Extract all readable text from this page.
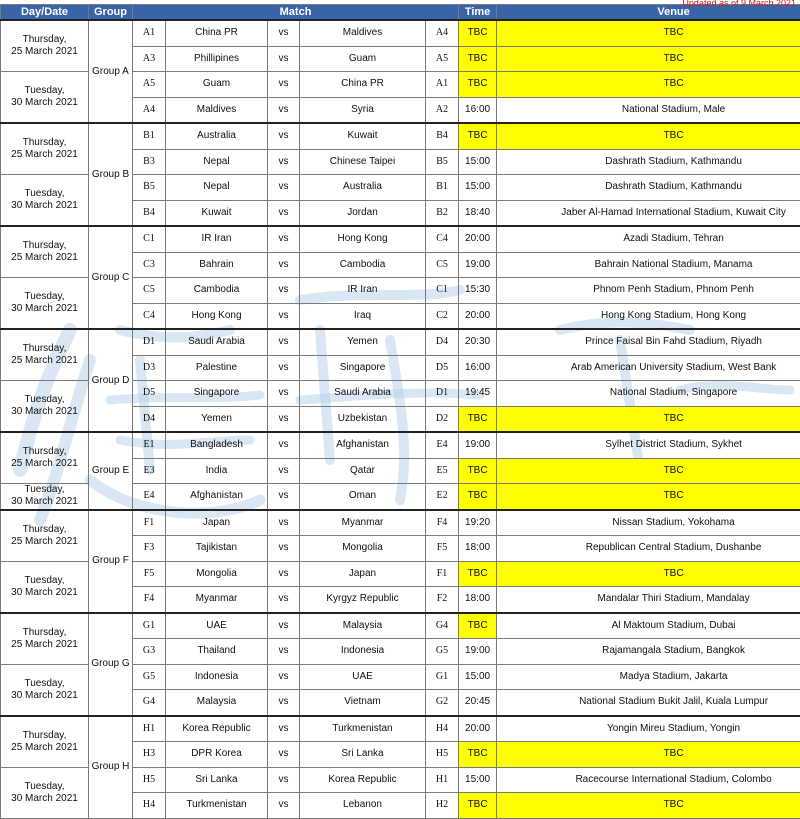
Updated as of 9 March 2021
Day/Date	Group	Match					Time	Venue
Thursday,
25 March 2021	Group A	A1	China PR	vs	Maldives	A4	TBC	TBC
		A3	Phillipines	vs	Guam	A5	TBC	TBC
Tuesday,
30 March 2021		A5	Guam	vs	China PR	A1	TBC	TBC
		A4	Maldives	vs	Syria	A2	16:00	National Stadium, Male
Thursday,
25 March 2021	Group B	B1	Australia	vs	Kuwait	B4	TBC	TBC
		B3	Nepal	vs	Chinese Taipei	B5	15:00	Dashrath Stadium, Kathmandu
Tuesday,
30 March 2021		B5	Nepal	vs	Australia	B1	15:00	Dashrath Stadium, Kathmandu
		B4	Kuwait	vs	Jordan	B2	18:40	Jaber Al-Hamad International Stadium, Kuwait City
Thursday,
25 March 2021	Group C	C1	IR Iran	vs	Hong Kong	C4	20:00	Azadi Stadium, Tehran
		C3	Bahrain	vs	Cambodia	C5	19:00	Bahrain National Stadium, Manama
Tuesday,
30 March 2021		C5	Cambodia	vs	IR Iran	C1	15:30	Phnom Penh Stadium, Phnom Penh
		C4	Hong Kong	vs	Iraq	C2	20:00	Hong Kong Stadium, Hong Kong
Thursday,
25 March 2021	Group D	D1	Saudi Arabia	vs	Yemen	D4	20:30	Prince Faisal Bin Fahd Stadium, Riyadh
		D3	Palestine	vs	Singapore	D5	16:00	Arab American University Stadium, West Bank
Tuesday,
30 March 2021		D5	Singapore	vs	Saudi Arabia	D1	19:45	National Stadium, Singapore
		D4	Yemen	vs	Uzbekistan	D2	TBC	TBC
Thursday,
25 March 2021	Group E	E1	Bangladesh	vs	Afghanistan	E4	19:00	Sylhet District Stadium, Sykhet
		E3	India	vs	Qatar	E5	TBC	TBC
Tuesday,
30 March 2021		E4	Afghanistan	vs	Oman	E2	TBC	TBC
Thursday,
25 March 2021	Group F	F1	Japan	vs	Myanmar	F4	19:20	Nissan Stadium, Yokohama
		F3	Tajikistan	vs	Mongolia	F5	18:00	Republican Central Stadium, Dushanbe
Tuesday,
30 March 2021		F5	Mongolia	vs	Japan	F1	TBC	TBC
		F4	Myanmar	vs	Kyrgyz Republic	F2	18:00	Mandalar Thiri Stadium, Mandalay
Thursday,
25 March 2021	Group G	G1	UAE	vs	Malaysia	G4	TBC	Al Maktoum Stadium, Dubai
		G3	Thailand	vs	Indonesia	G5	19:00	Rajamangala Stadium, Bangkok
Tuesday,
30 March 2021		G5	Indonesia	vs	UAE	G1	15:00	Madya Stadium, Jakarta
		G4	Malaysia	vs	Vietnam	G2	20:45	National Stadium Bukit Jalil, Kuala Lumpur
Thursday,
25 March 2021	Group H	H1	Korea Republic	vs	Turkmenistan	H4	20:00	Yongin Mireu Stadium, Yongin
		H3	DPR Korea	vs	Sri Lanka	H5	TBC	TBC
Tuesday,
30 March 2021		H5	Sri Lanka	vs	Korea Republic	H1	15:00	Racecourse International Stadium, Colombo
		H4	Turkmenistan	vs	Lebanon	H2	TBC	TBC
